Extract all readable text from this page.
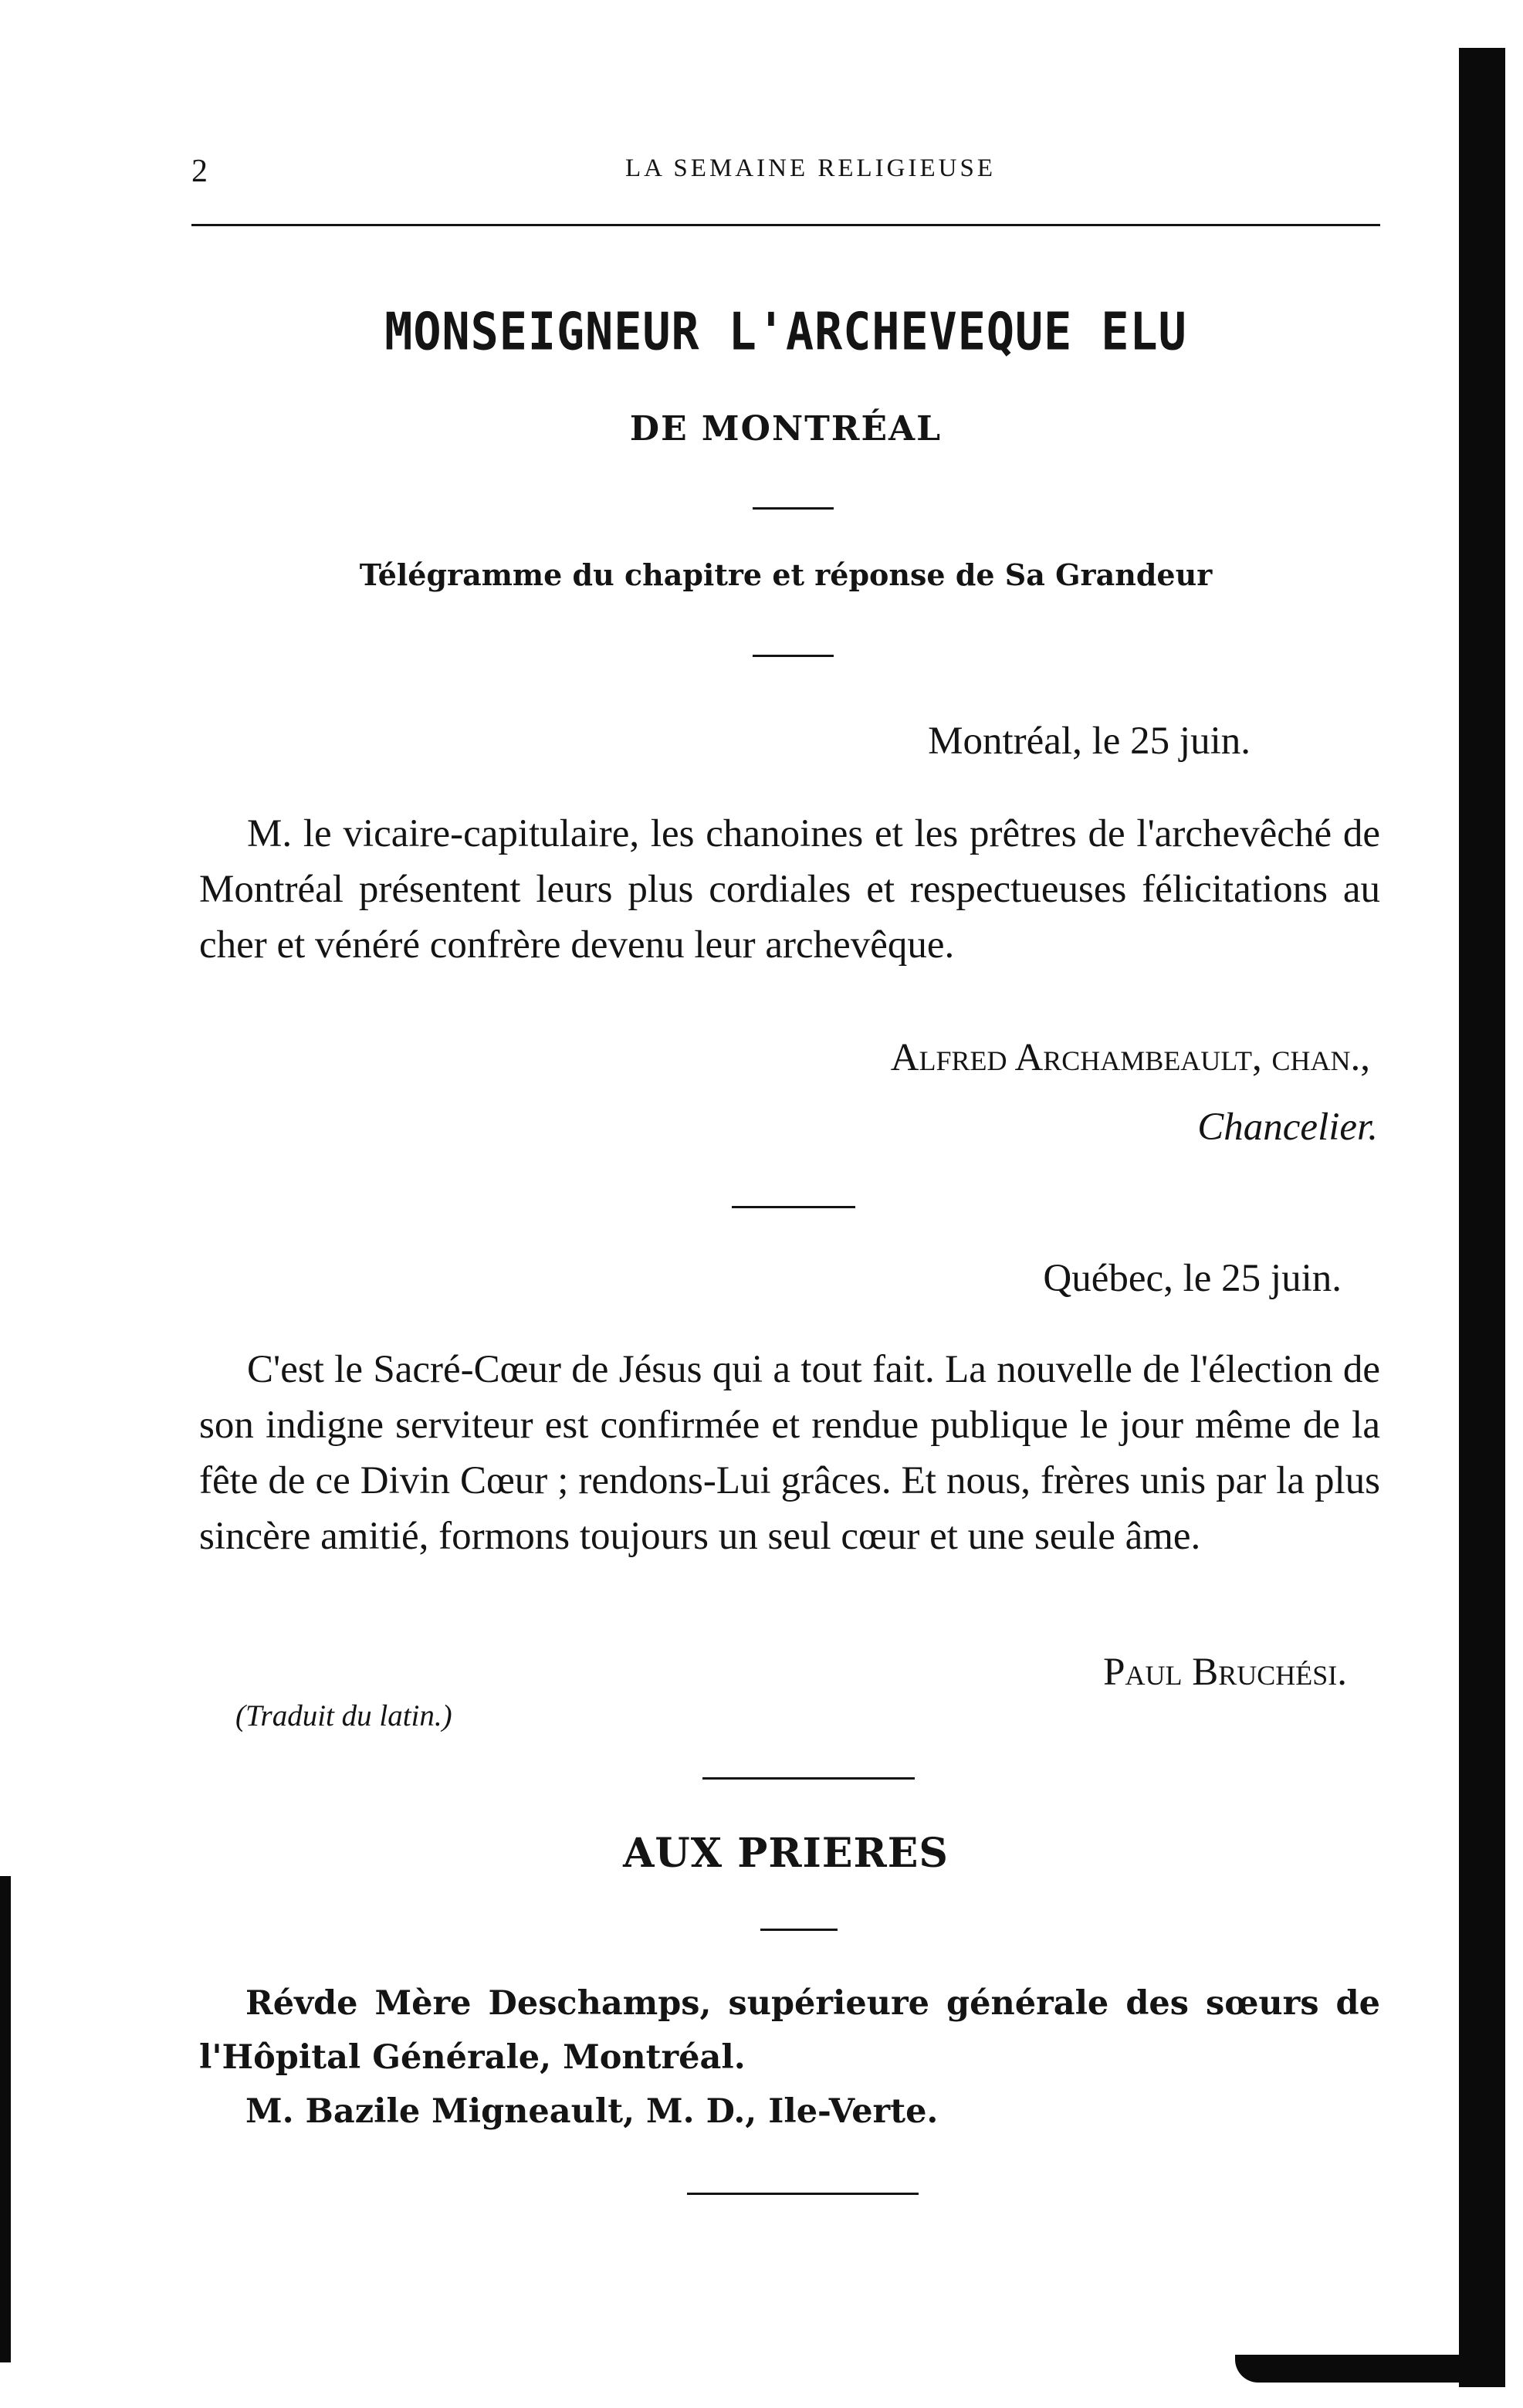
2	LA SEMAINE RELIGIEUSE
MONSEIGNEUR L'ARCHEVEQUE ELU
DE MONTRÉAL
Télégramme du chapitre et réponse de Sa Grandeur
Montréal, le 25 juin.
M. le vicaire-capitulaire, les chanoines et les prêtres de l'archevêché de Montréal présentent leurs plus cordiales et respectueuses félicitations au cher et vénéré confrère devenu leur archevêque.
Alfred Archambeault, chan.,
Chancelier.
Québec, le 25 juin.
C'est le Sacré-Cœur de Jésus qui a tout fait. La nouvelle de l'élection de son indigne serviteur est confirmée et rendue publique le jour même de la fête de ce Divin Cœur ; rendons-Lui grâces. Et nous, frères unis par la plus sincère amitié, formons toujours un seul cœur et une seule âme.
Paul Bruchési.
(Traduit du latin.)
AUX PRIERES
Révde Mère Deschamps, supérieure générale des sœurs de l'Hôpital Générale, Montréal.
M. Bazile Migneault, M. D., Ile-Verte.
